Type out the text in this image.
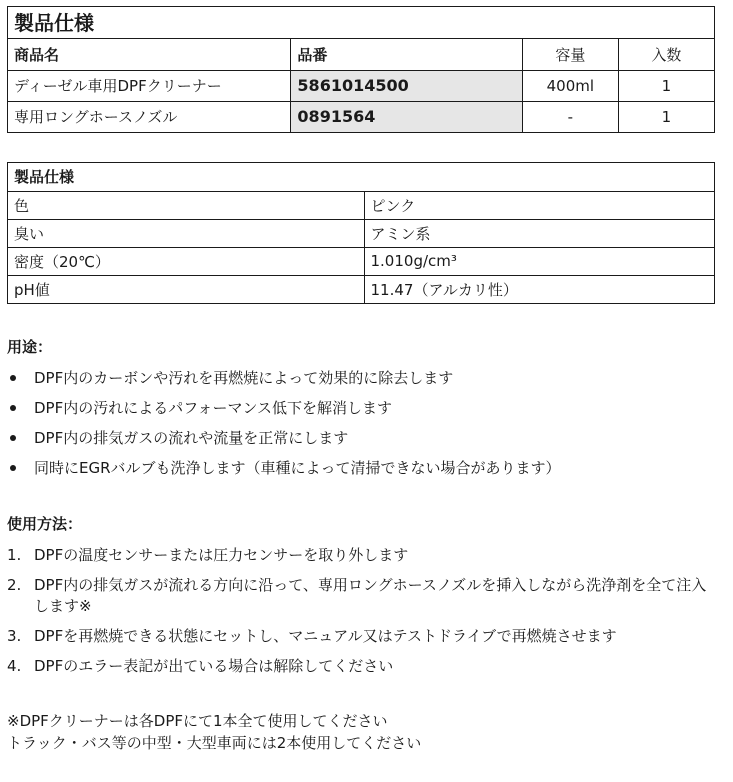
製品仕様
商品名	品番	容量	入数
ディーゼル車用DPFクリーナー	5861014500	400ml	1
専用ロングホースノズル	0891564	-	1
製品仕様	
色	ピンク
臭い	アミン系
密度（20℃）	1.010g/cm³
pH値	11.47（アルカリ性）
用途：
DPF内のカーボンや汚れを再燃焼によって効果的に除去します
DPF内の汚れによるパフォーマンス低下を解消します
DPF内の排気ガスの流れや流量を正常にします
同時にEGRバルブも洗浄します（車種によって清掃できない場合があります）
使用方法：
1. DPFの温度センサーまたは圧力センサーを取り外します
2. DPF内の排気ガスが流れる方向に沿って、専用ロングホースノズルを挿入しながら洗浄剤を全て注入します※
3. DPFを再燃焼できる状態にセットし、マニュアル又はテストドライブで再燃焼させます
4. DPFのエラー表記が出ている場合は解除してください
※DPFクリーナーは各DPFにて1本全て使用してください
トラック・バス等の中型・大型車両には2本使用してください
